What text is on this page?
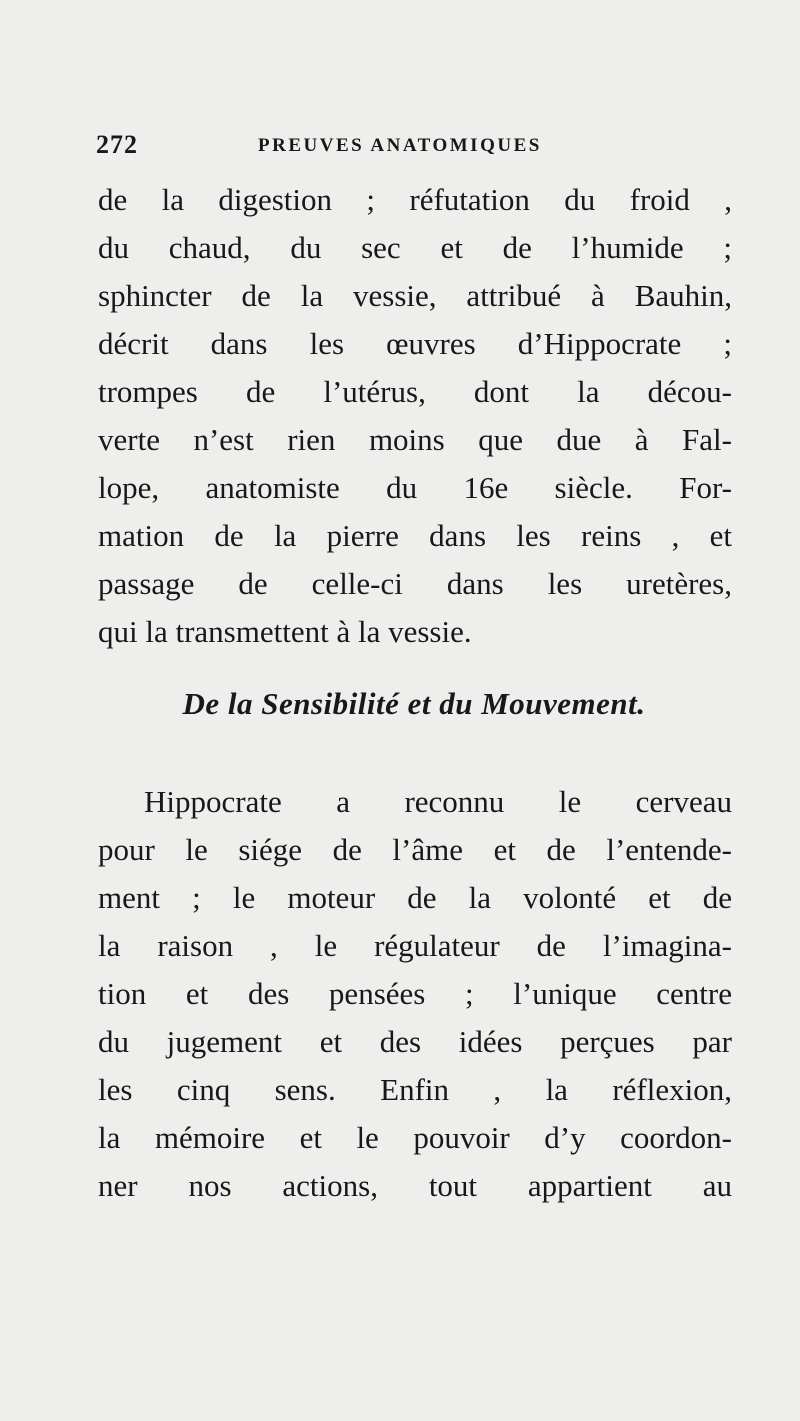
272	PREUVES ANATOMIQUES
de la digestion ; réfutation du froid ,
du chaud, du sec et de l’humide ;
sphincter de la vessie, attribué à Bauhin,
décrit dans les œuvres d’Hippocrate ;
trompes de l’utérus, dont la décou-
verte n’est rien moins que due à Fal-
lope, anatomiste du 16e siècle. For-
mation de la pierre dans les reins , et
passage de celle-ci dans les uretères,
qui la transmettent à la vessie.
De la Sensibilité et du Mouvement.
Hippocrate a reconnu le cerveau
pour le siége de l’âme et de l’entende-
ment ; le moteur de la volonté et de
la raison , le régulateur de l’imagina-
tion et des pensées ; l’unique centre
du jugement et des idées perçues par
les cinq sens. Enfin , la réflexion,
la mémoire et le pouvoir d’y coordon-
ner nos actions, tout appartient au
